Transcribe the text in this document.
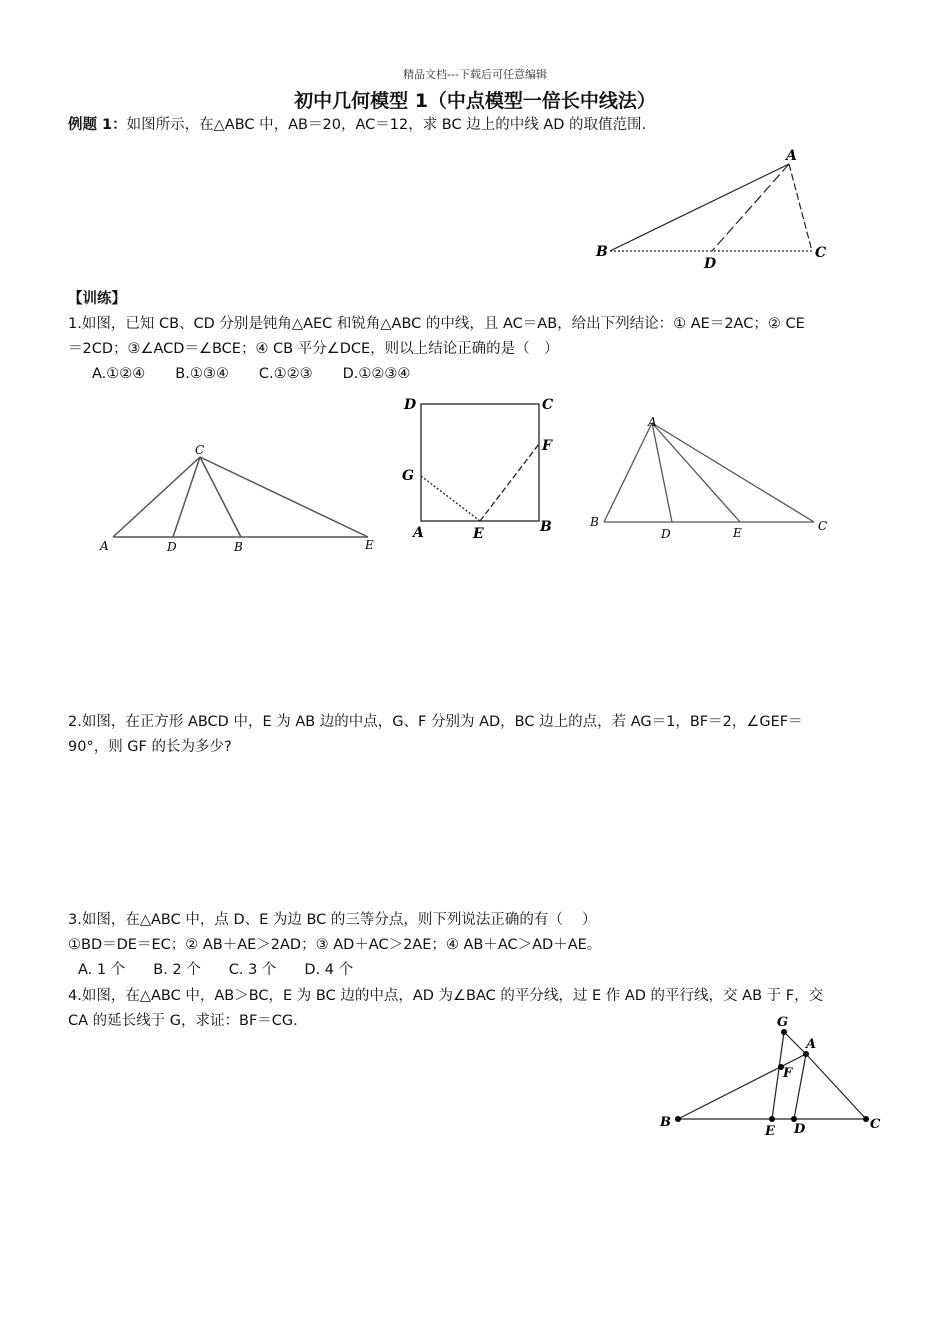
精品文档---下载后可任意编辑
初中几何模型 1（中点模型一倍长中线法）
例题 1：如图所示，在△ABC 中，AB＝20，AC＝12，求 BC 边上的中线 AD 的取值范围.
A
B	C
D
【训练】
1.如图，已知 CB、CD 分别是钝角△AEC 和锐角△ABC 的中线，且 AC＝AB，给出下列结论：① AE＝2AC；② CE
＝2CD；③∠ACD＝∠BCE；④ CB 平分∠DCE，则以上结论正确的是（　）
A.①②④ B.①③④ C.①②③ D.①②③④
C
A	D	B	E
D	C
F
G
A	E	B
A
B
D	E	C
2.如图，在正方形 ABCD 中，E 为 AB 边的中点，G、F 分别为 AD，BC 边上的点，若 AG＝1，BF＝2，∠GEF＝
90°，则 GF 的长为多少?
3.如图，在△ABC 中，点 D、E 为边 BC 的三等分点，则下列说法正确的有（　 ）
①BD＝DE＝EC；② AB＋AE＞2AD；③ AD＋AC＞2AE；④ AB＋AC＞AD＋AE。
A. 1 个 B. 2 个 C. 3 个 D. 4 个
4.如图，在△ABC 中，AB＞BC，E 为 BC 边的中点，AD 为∠BAC 的平分线，过 E 作 AD 的平行线，交 AB 于 F，交
CA 的延长线于 G，求证：BF＝CG.	G
A
F
B
E D	C
